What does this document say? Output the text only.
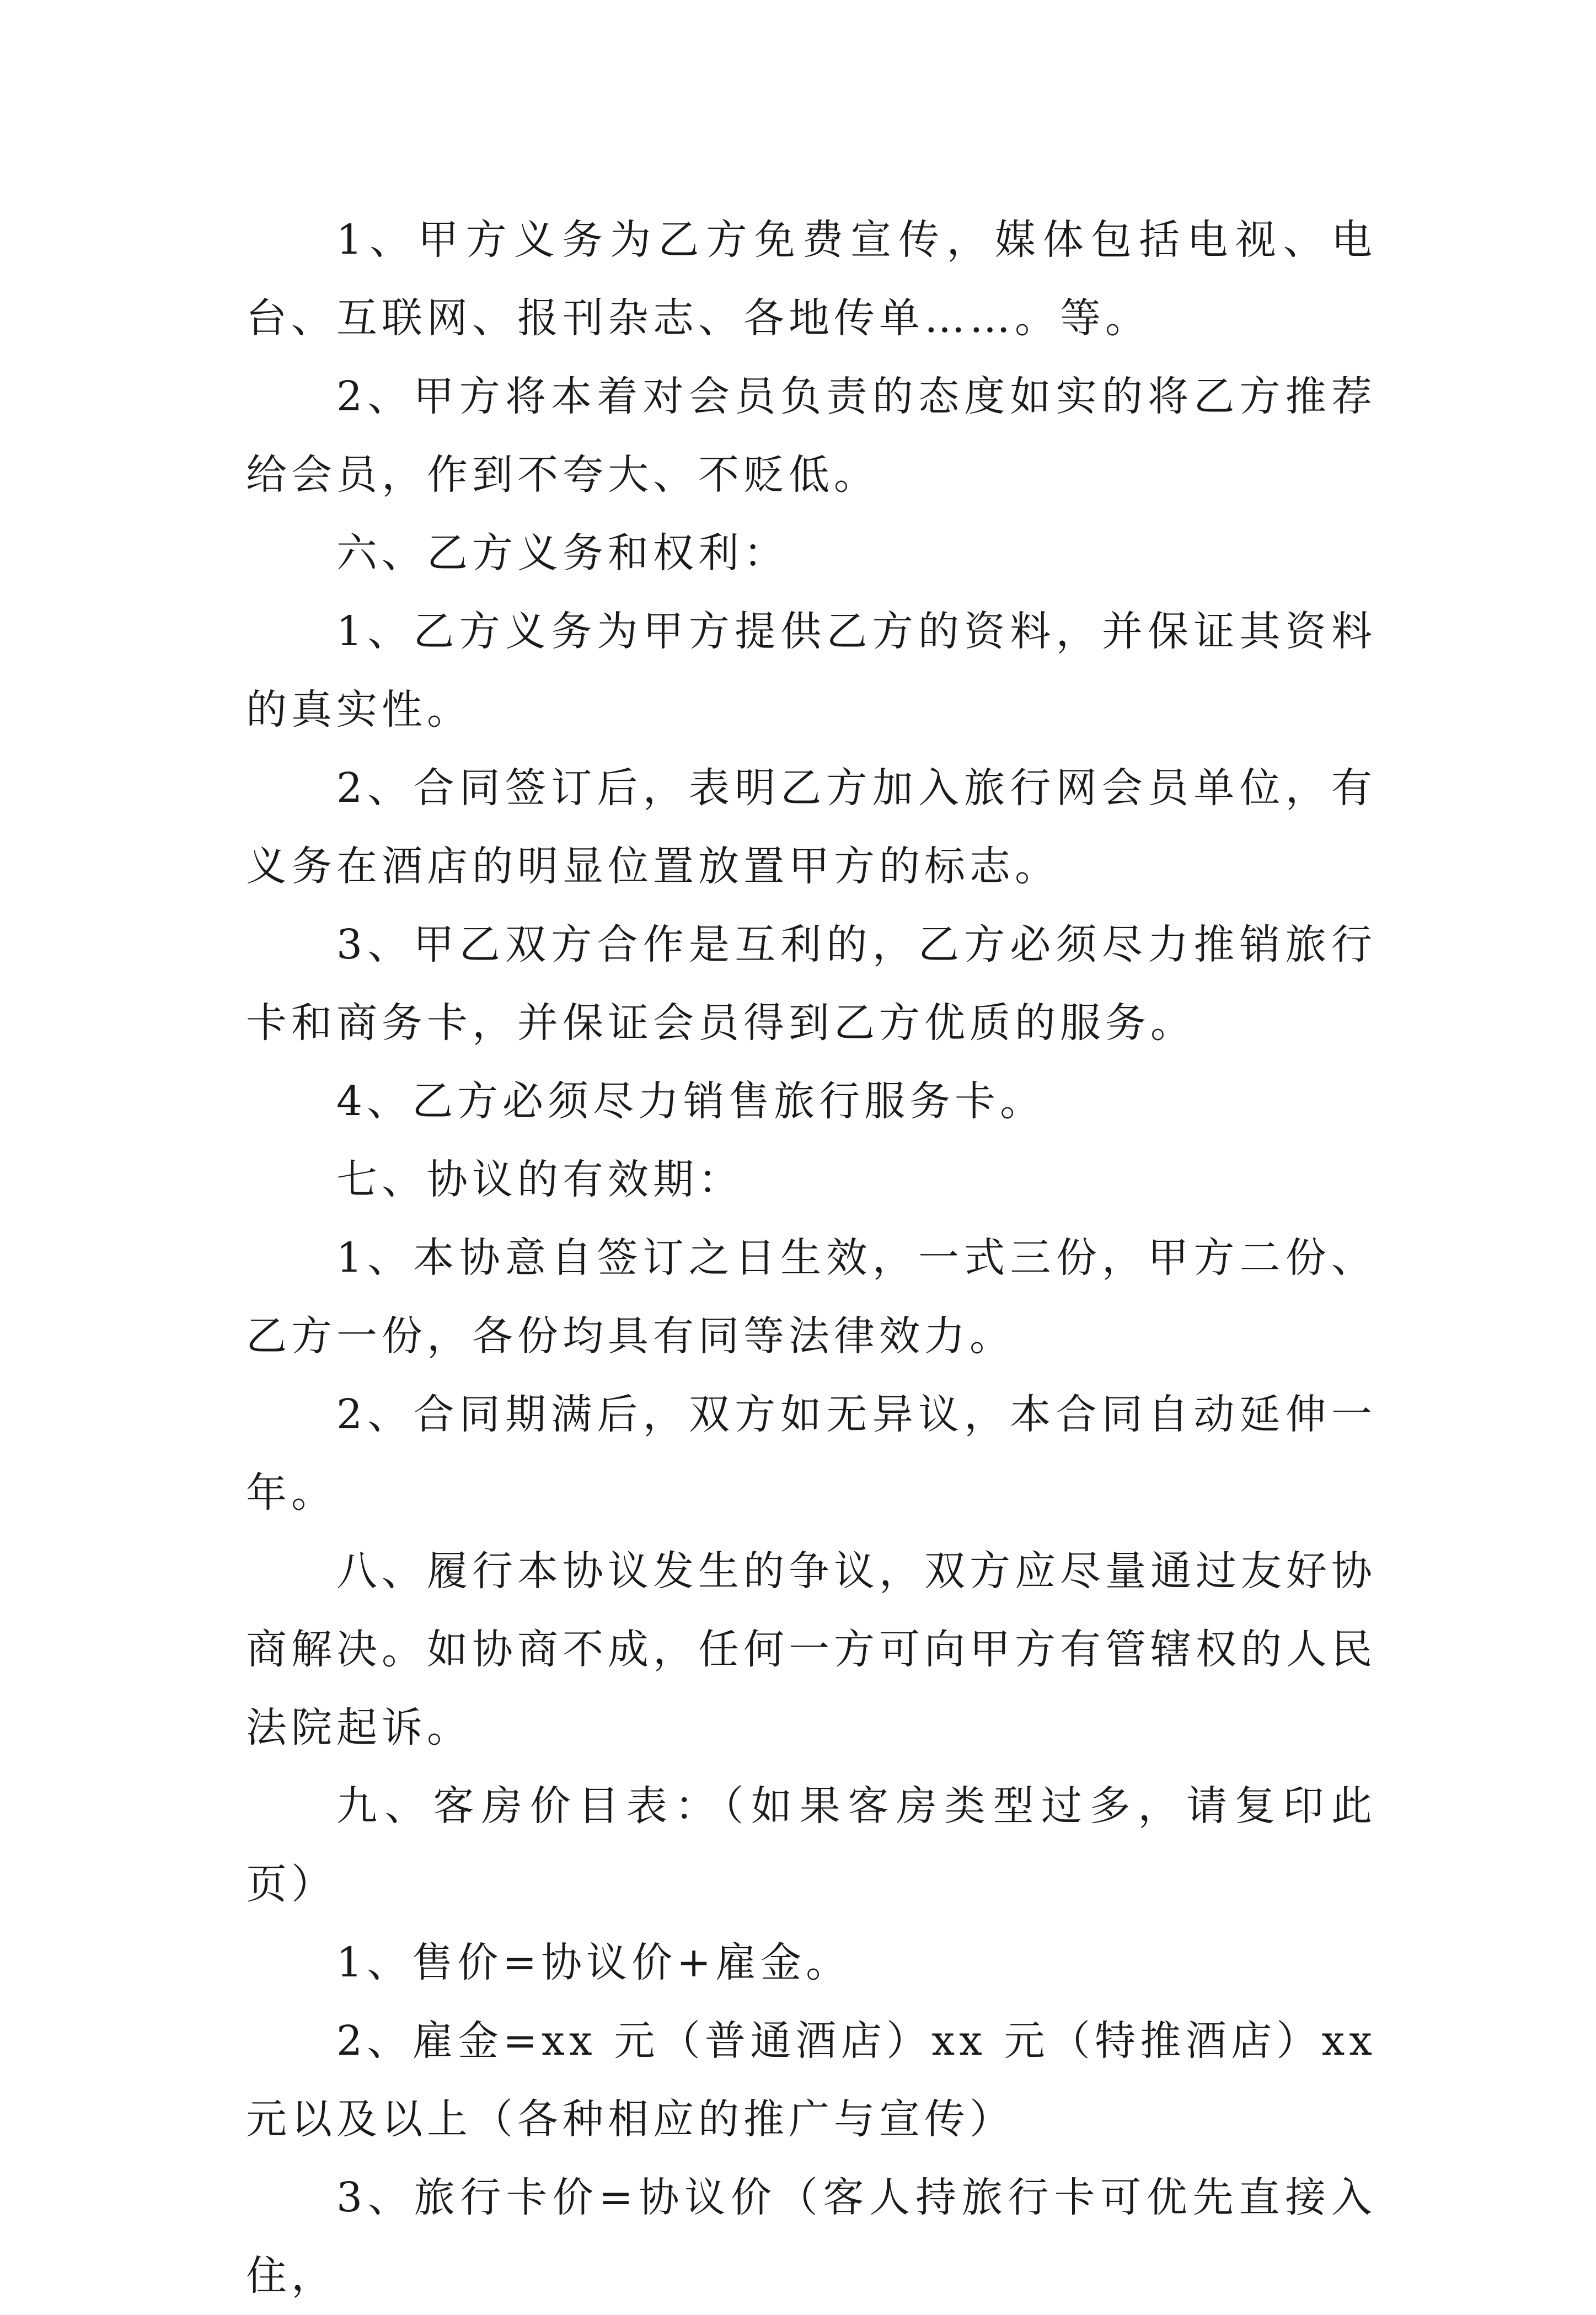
1、甲方义务为乙方免费宣传，媒体包括电视、电台、互联网、报刊杂志、各地传单……。等。

2、甲方将本着对会员负责的态度如实的将乙方推荐给会员，作到不夸大、不贬低。

六、乙方义务和权利：

1、乙方义务为甲方提供乙方的资料，并保证其资料的真实性。

2、合同签订后，表明乙方加入旅行网会员单位，有义务在酒店的明显位置放置甲方的标志。

3、甲乙双方合作是互利的，乙方必须尽力推销旅行卡和商务卡，并保证会员得到乙方优质的服务。

4、乙方必须尽力销售旅行服务卡。

七、协议的有效期：

1、本协意自签订之日生效，一式三份，甲方二份、乙方一份，各份均具有同等法律效力。

2、合同期满后，双方如无异议，本合同自动延伸一年。

八、履行本协议发生的争议，双方应尽量通过友好协商解决。如协商不成，任何一方可向甲方有管辖权的人民法院起诉。

九、客房价目表：（如果客房类型过多，请复印此页）

1、售价=协议价+雇金。

2、雇金=xx 元（普通酒店）xx 元（特推酒店）xx 元以及以上（各种相应的推广与宣传）

3、旅行卡价=协议价（客人持旅行卡可优先直接入住，
